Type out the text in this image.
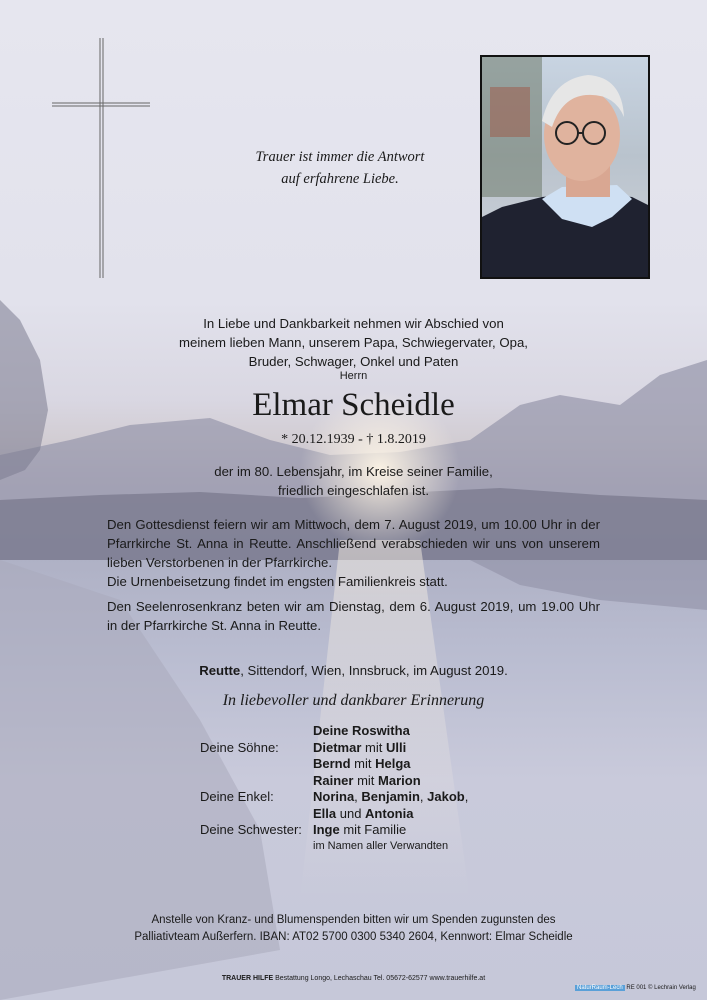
Trauer ist immer die Antwort
auf erfahrene Liebe.
In Liebe und Dankbarkeit nehmen wir Abschied von
meinem lieben Mann, unserem Papa, Schwiegervater, Opa,
Bruder, Schwager, Onkel und Paten
Herrn
Elmar Scheidle
* 20.12.1939 - † 1.8.2019
der im 80. Lebensjahr, im Kreise seiner Familie,
friedlich eingeschlafen ist.
Den Gottesdienst feiern wir am Mittwoch, dem 7. August 2019, um 10.00 Uhr in der Pfarrkirche St. Anna in Reutte. Anschließend verabschieden wir uns von unserem lieben Verstorbenen in der Pfarrkirche.
Die Urnenbeisetzung findet im engsten Familienkreis statt.
Den Seelenrosenkranz beten wir am Dienstag, dem 6. August 2019, um 19.00 Uhr in der Pfarrkirche St. Anna in Reutte.
Reutte, Sittendorf, Wien, Innsbruck, im August 2019.
In liebevoller und dankbarer Erinnerung
Deine Roswitha
Deine Söhne:	Dietmar mit Ulli
Bernd mit Helga
Rainer mit Marion
Deine Enkel:	Norina, Benjamin, Jakob,
Ella und Antonia
Deine Schwester: Inge mit Familie
im Namen aller Verwandten
Anstelle von Kranz- und Blumenspenden bitten wir um Spenden zugunsten des
Palliativteam Außerfern. IBAN: AT02 5700 0300 5340 2604, Kennwort: Elmar Scheidle
TRAUER HILFE Bestattung Longo, Lechaschau Tel. 05672-62577 www.trauerhilfe.at
NaturRaum-Lech RE 001 © Lechrain Verlag
